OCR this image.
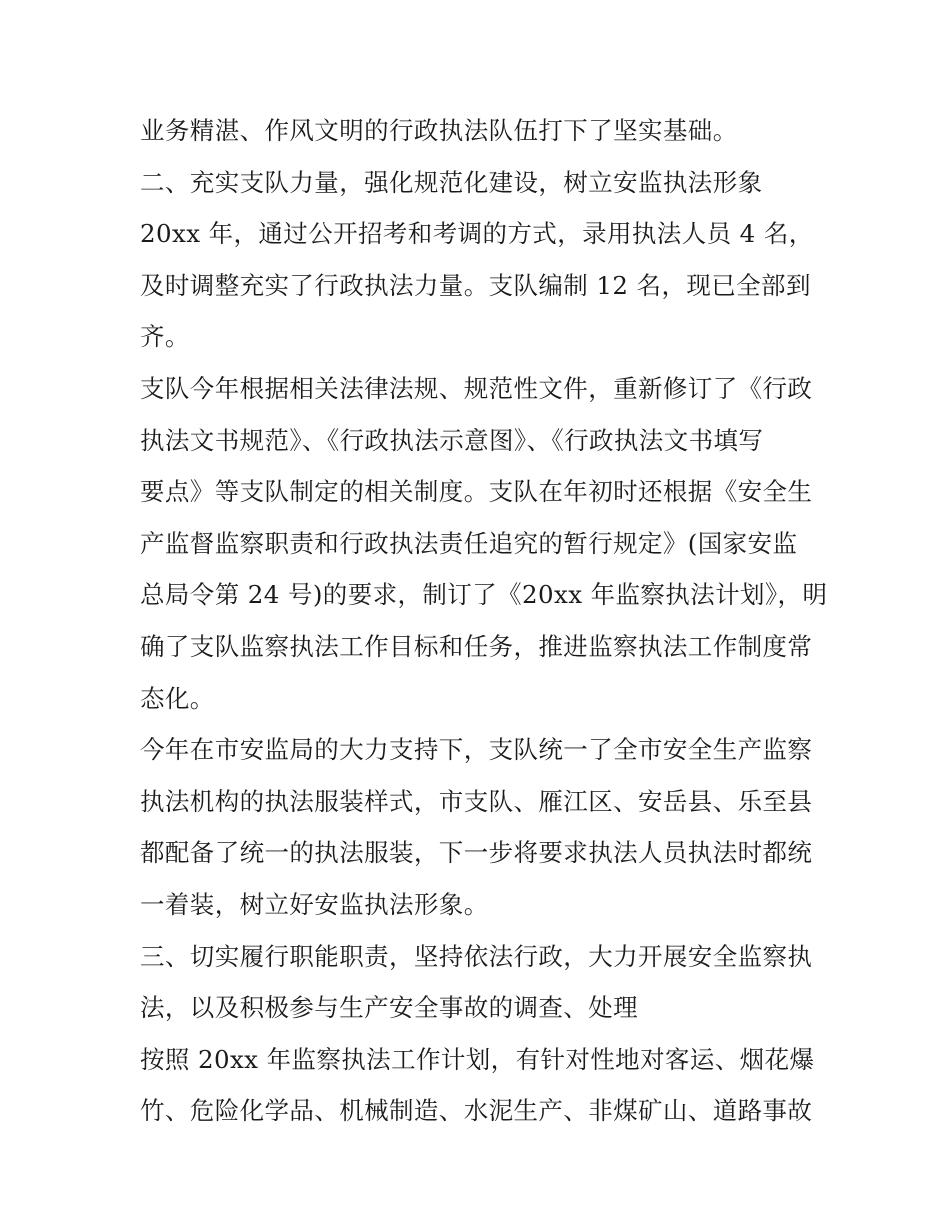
业务精湛、作风文明的行政执法队伍打下了坚实基础。
二、充实支队力量，强化规范化建设，树立安监执法形象
20xx 年，通过公开招考和考调的方式，录用执法人员 4 名，
及时调整充实了行政执法力量。支队编制 12 名，现已全部到
齐。
支队今年根据相关法律法规、规范性文件，重新修订了《行政
执法文书规范》、《行政执法示意图》、《行政执法文书填写
要点》等支队制定的相关制度。支队在年初时还根据《安全生
产监督监察职责和行政执法责任追究的暂行规定》(国家安监
总局令第 24 号)的要求，制订了《20xx 年监察执法计划》，明
确了支队监察执法工作目标和任务，推进监察执法工作制度常
态化。
今年在市安监局的大力支持下，支队统一了全市安全生产监察
执法机构的执法服装样式，市支队、雁江区、安岳县、乐至县
都配备了统一的执法服装，下一步将要求执法人员执法时都统
一着装，树立好安监执法形象。
三、切实履行职能职责，坚持依法行政，大力开展安全监察执
法，以及积极参与生产安全事故的调查、处理
按照 20xx 年监察执法工作计划，有针对性地对客运、烟花爆
竹、危险化学品、机械制造、水泥生产、非煤矿山、道路事故
